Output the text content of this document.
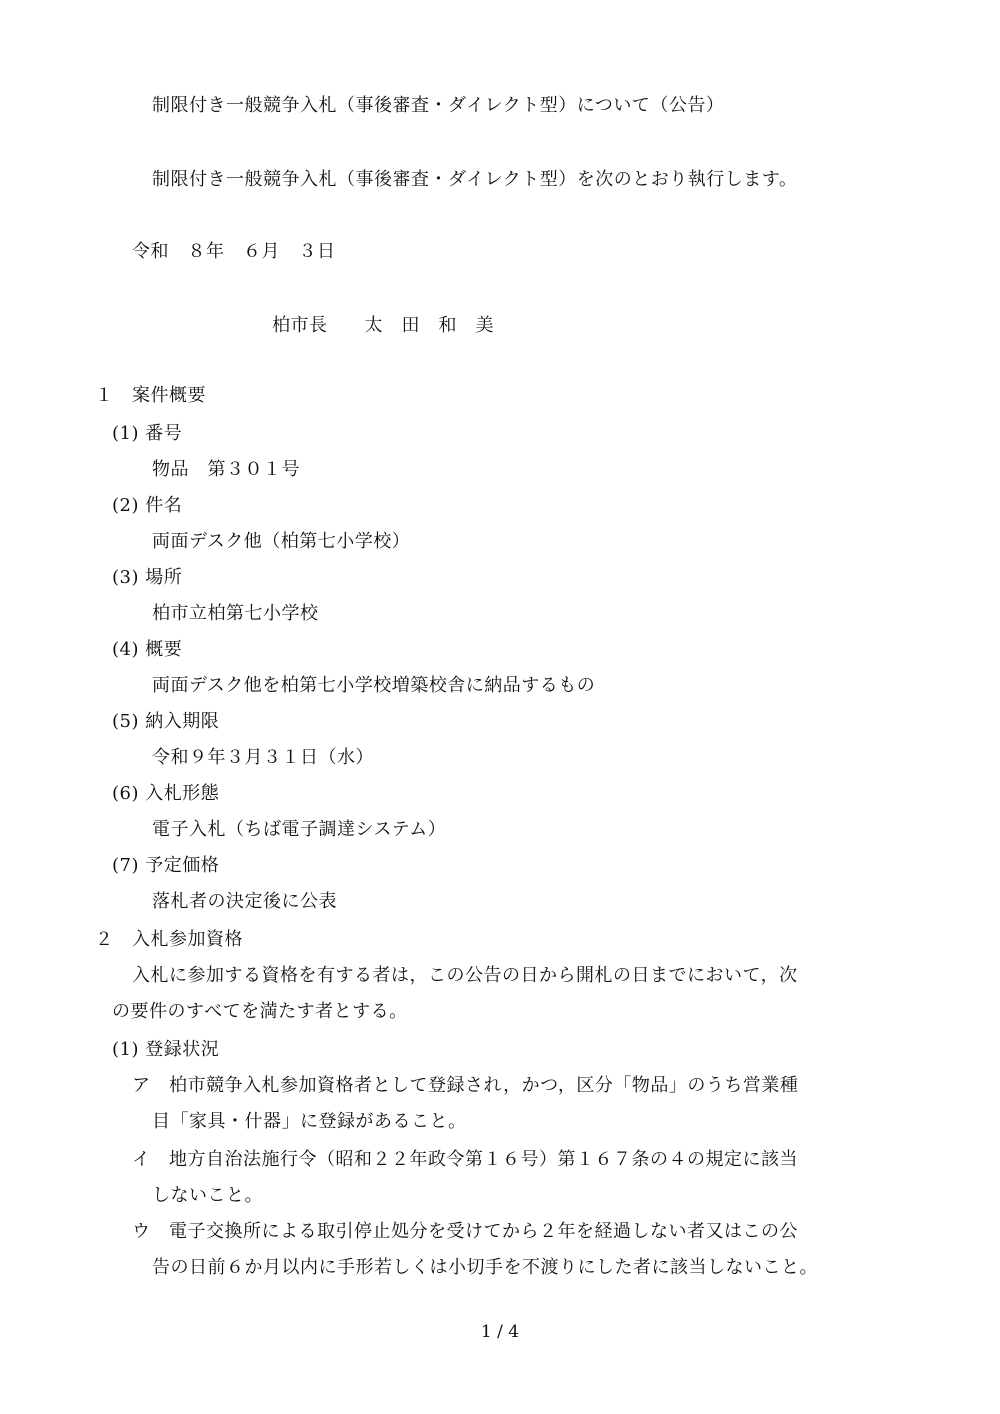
制限付き一般競争入札（事後審査・ダイレクト型）について（公告）
制限付き一般競争入札（事後審査・ダイレクト型）を次のとおり執行します。
令和　８年　６月　３日
柏市長　　太　田　和　美
１　案件概要
(1) 番号
物品　第３０１号
(2) 件名
両面デスク他（柏第七小学校）
(3) 場所
柏市立柏第七小学校
(4) 概要
両面デスク他を柏第七小学校増築校舎に納品するもの
(5) 納入期限
令和９年３月３１日（水）
(6) 入札形態
電子入札（ちば電子調達システム）
(7) 予定価格
落札者の決定後に公表
２　入札参加資格
入札に参加する資格を有する者は，この公告の日から開札の日までにおいて，次
の要件のすべてを満たす者とする。
(1) 登録状況
ア　柏市競争入札参加資格者として登録され，かつ，区分「物品」のうち営業種
目「家具・什器」に登録があること。
イ　地方自治法施行令（昭和２２年政令第１６号）第１６７条の４の規定に該当
しないこと。
ウ　電子交換所による取引停止処分を受けてから２年を経過しない者又はこの公
告の日前６か月以内に手形若しくは小切手を不渡りにした者に該当しないこと。
1 / 4
